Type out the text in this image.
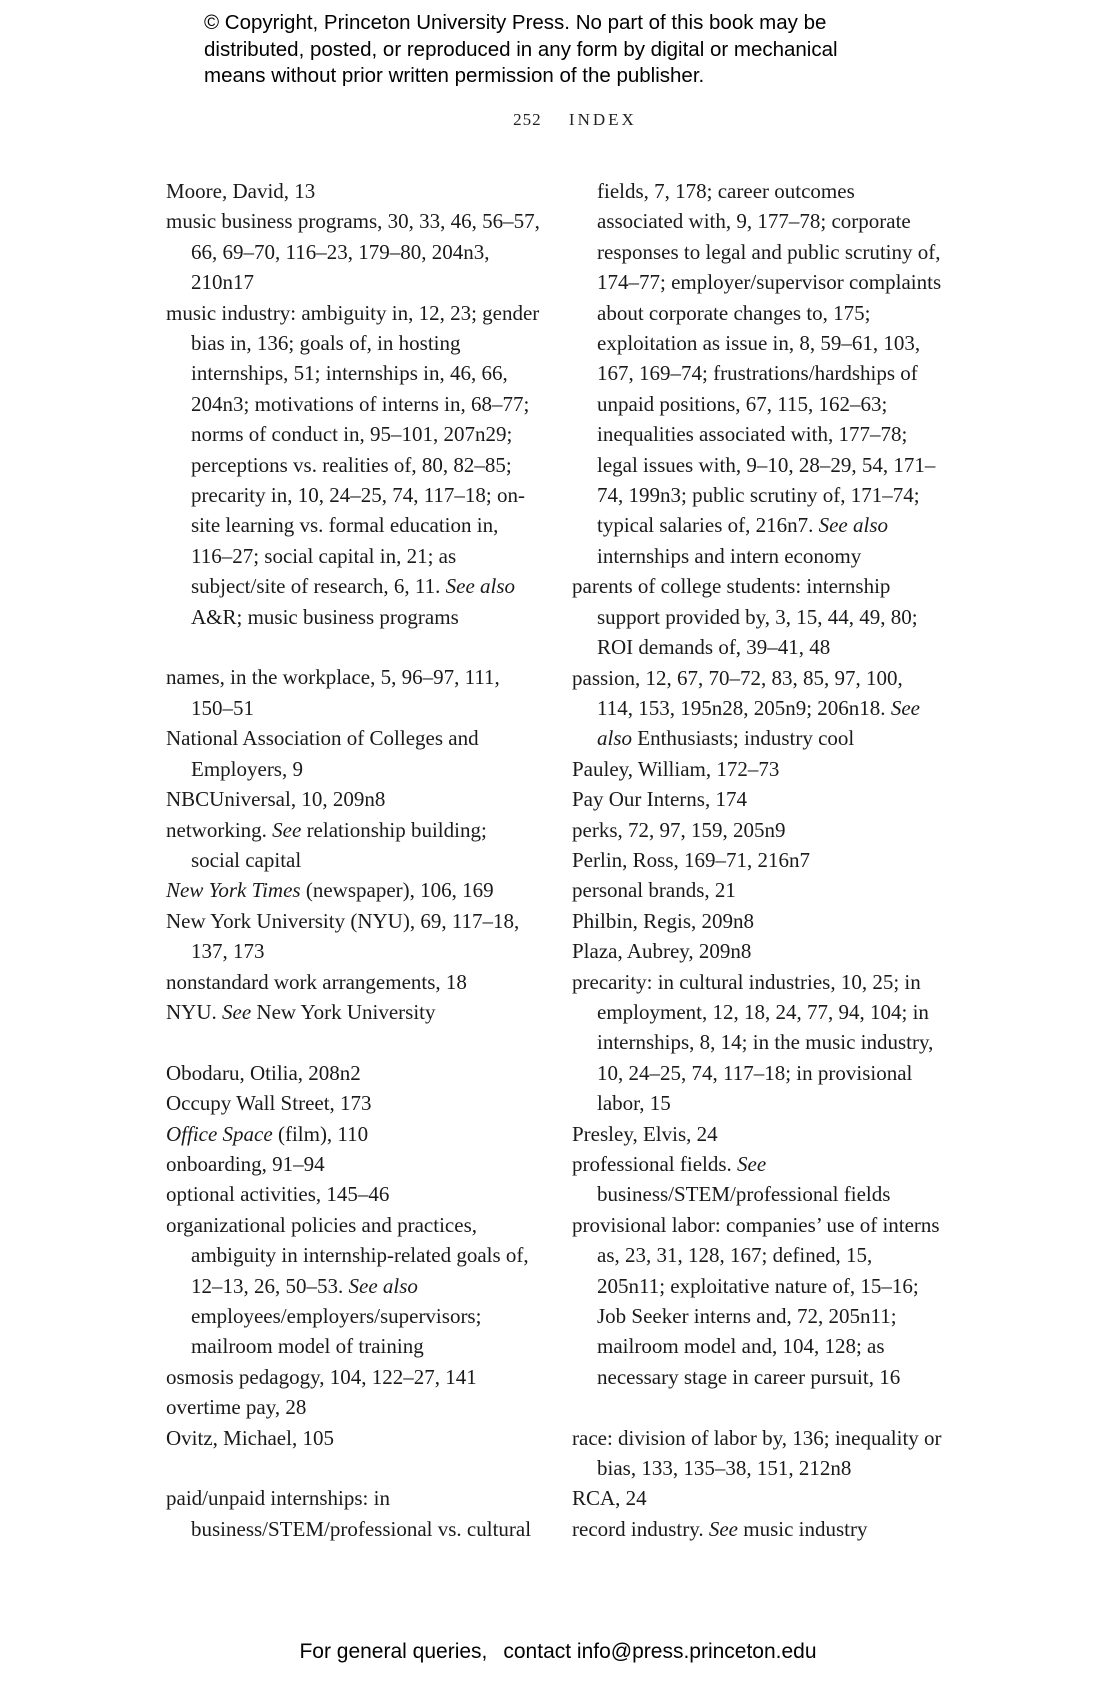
© Copyright, Princeton University Press. No part of this book may be

distributed, posted, or reproduced in any form by digital or mechanical

means without prior written permission of the publisher.

252 INDEX

Moore, David, 13

music business programs, 30, 33, 46, 56–57, 66, 69–70, 116–23, 179–80, 204n3, 210n17

music industry: ambiguity in, 12, 23; gender bias in, 136; goals of, in hosting internships, 51; internships in, 46, 66, 204n3; motivations of interns in, 68–77; norms of conduct in, 95–101, 207n29; perceptions vs. realities of, 80, 82–85; precarity in, 10, 24–25, 74, 117–18; on-site learning vs. formal education in, 116–27; social capital in, 21; as subject/site of research, 6, 11. See also A&R; music business programs

names, in the workplace, 5, 96–97, 111, 150–51

National Association of Colleges and Employers, 9

NBCUniversal, 10, 209n8

networking. See relationship building; social capital

New York Times (newspaper), 106, 169

New York University (NYU), 69, 117–18, 137, 173

nonstandard work arrangements, 18

NYU. See New York University

Obodaru, Otilia, 208n2

Occupy Wall Street, 173

Office Space (film), 110

onboarding, 91–94

optional activities, 145–46

organizational policies and practices, ambiguity in internship-related goals of, 12–13, 26, 50–53. See also employees/employers/supervisors; mailroom model of training

osmosis pedagogy, 104, 122–27, 141

overtime pay, 28

Ovitz, Michael, 105

paid/unpaid internships: in business/STEM/professional vs. cultural

fields, 7, 178; career outcomes associated with, 9, 177–78; corporate responses to legal and public scrutiny of, 174–77; employer/supervisor complaints about corporate changes to, 175; exploitation as issue in, 8, 59–61, 103, 167, 169–74; frustrations/hardships of unpaid positions, 67, 115, 162–63; inequalities associated with, 177–78; legal issues with, 9–10, 28–29, 54, 171–74, 199n3; public scrutiny of, 171–74; typical salaries of, 216n7. See also internships and intern economy

parents of college students: internship support provided by, 3, 15, 44, 49, 80; ROI demands of, 39–41, 48

passion, 12, 67, 70–72, 83, 85, 97, 100, 114, 153, 195n28, 205n9; 206n18. See also Enthusiasts; industry cool

Pauley, William, 172–73

Pay Our Interns, 174

perks, 72, 97, 159, 205n9

Perlin, Ross, 169–71, 216n7

personal brands, 21

Philbin, Regis, 209n8

Plaza, Aubrey, 209n8

precarity: in cultural industries, 10, 25; in employment, 12, 18, 24, 77, 94, 104; in internships, 8, 14; in the music industry, 10, 24–25, 74, 117–18; in provisional labor, 15

Presley, Elvis, 24

professional fields. See business/STEM/professional fields

provisional labor: companies’ use of interns as, 23, 31, 128, 167; defined, 15, 205n11; exploitative nature of, 15–16; Job Seeker interns and, 72, 205n11; mailroom model and, 104, 128; as necessary stage in career pursuit, 16

race: division of labor by, 136; inequality or bias, 133, 135–38, 151, 212n8

RCA, 24

record industry. See music industry

For general queries, contact info@press.princeton.edu
